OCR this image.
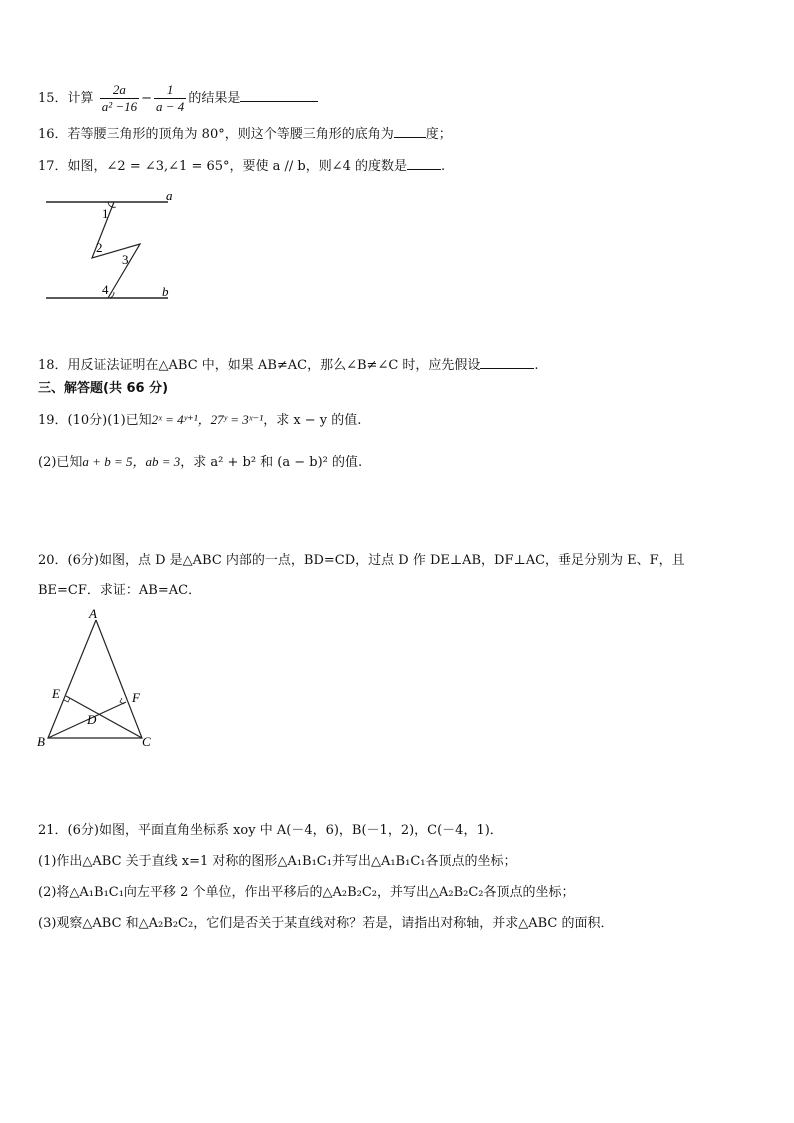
15．计算 $\frac{2a}{\text{a² −16}} - \frac{1}{a - 4}$ 的结果是
16．若等腰三角形的顶角为 80°，则这个等腰三角形的底角为 度；
17．如图，∠2 = ∠3,∠1 = 65°，要使 a // b，则∠4 的度数是	.
a
b
1
2
3
4
18．用反证法证明在△ABC 中，如果 AB≠AC，那么∠B≠∠C 时，应先假设	.
三、解答题(共 66 分)
19．(10分)(1)已知2ˣ = 4ʸ⁺¹，27ʸ = 3ˣ⁻¹，求 x − y 的值.
(2)已知a + b = 5，ab = 3，求 a² + b² 和 (a − b)² 的值.
20．(6分)如图，点 D 是△ABC 内部的一点，BD=CD，过点 D 作 DE⊥AB，DF⊥AC，垂足分别为 E、F，且
BE=CF．求证：AB=AC．
A
B	C
D
E	F
21．(6分)如图，平面直角坐标系 xoy 中 A(－4，6)，B(－1，2)，C(－4，1)．
(1)作出△ABC 关于直线 x=1 对称的图形△A₁B₁C₁并写出△A₁B₁C₁各顶点的坐标；
(2)将△A₁B₁C₁向左平移 2 个单位，作出平移后的△A₂B₂C₂，并写出△A₂B₂C₂各顶点的坐标；
(3)观察△ABC 和△A₂B₂C₂，它们是否关于某直线对称？若是，请指出对称轴，并求△ABC 的面积．
